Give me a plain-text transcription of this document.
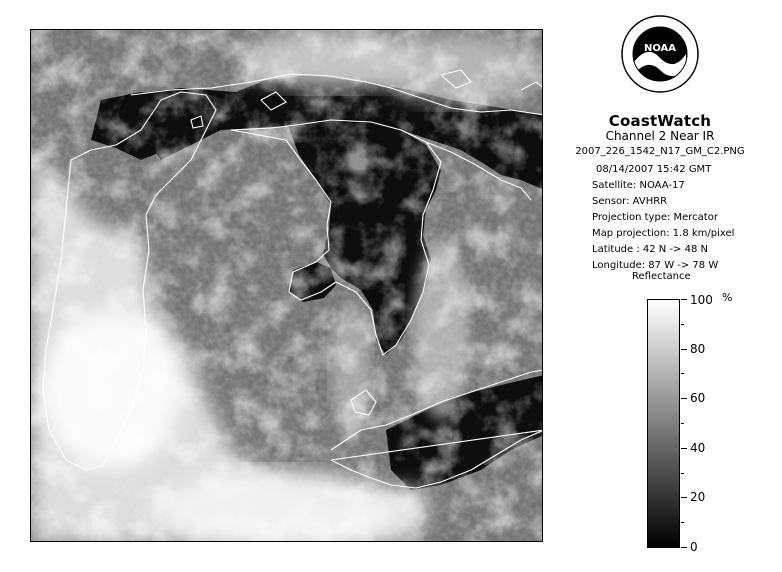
NOAA
CoastWatch
Channel 2 Near IR
2007_226_1542_N17_GM_C2.PNG
08/14/2007 15:42 GMT
Satellite: NOAA-17
Sensor: AVHRR
Projection type: Mercator
Map projection: 1.8 km/pixel
Latitude : 42 N -> 48 N
Longitude: 87 W -> 78 W
Reflectance
%
100
80
60
40
20
0
